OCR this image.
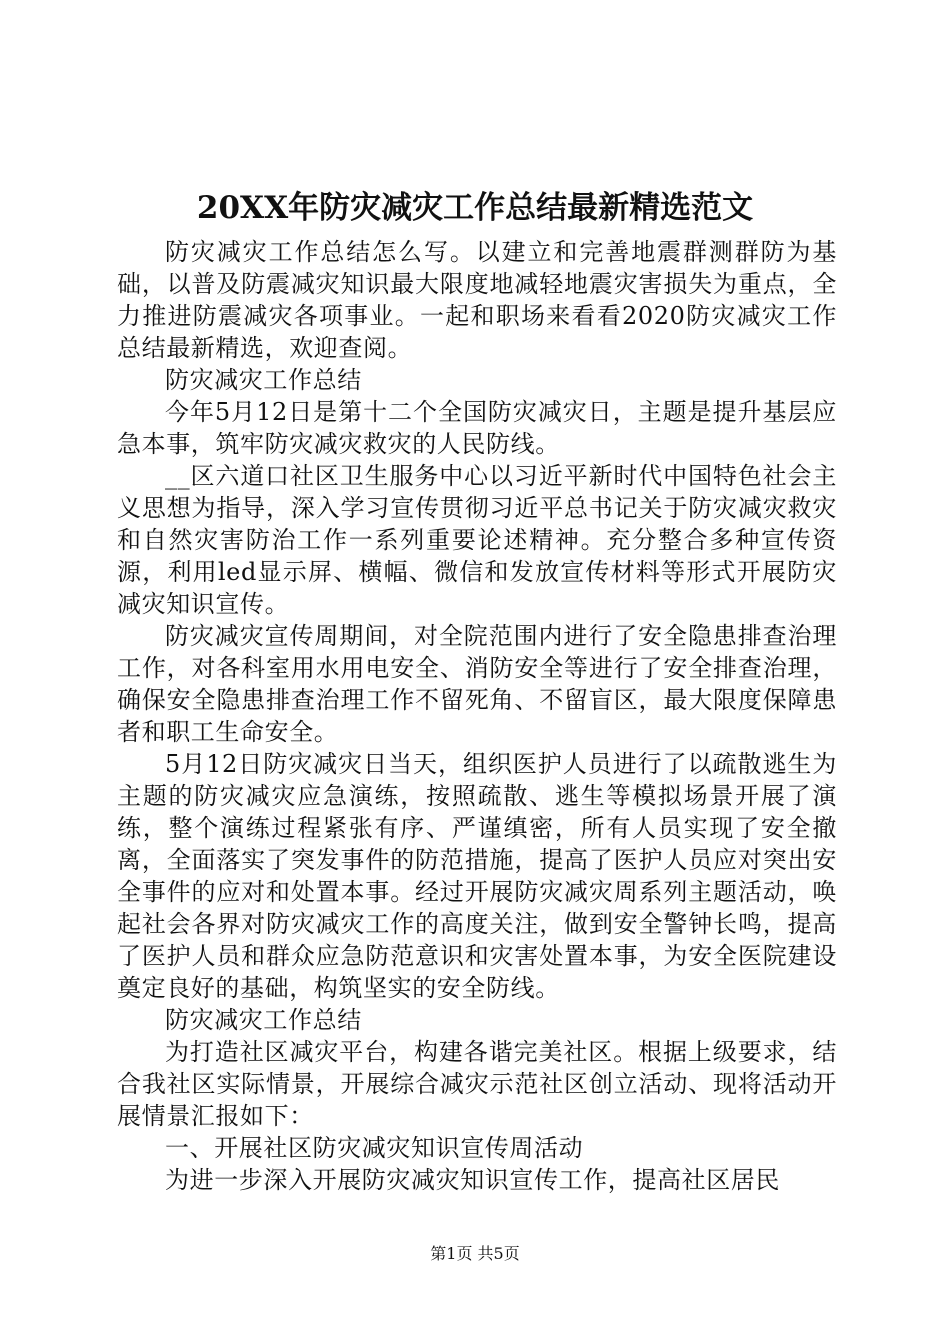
20XX年防灾减灾工作总结最新精选范文

防灾减灾工作总结怎么写。以建立和完善地震群测群防为基础，以普及防震减灾知识最大限度地减轻地震灾害损失为重点，全力推进防震减灾各项事业。一起和职场来看看2020防灾减灾工作总结最新精选，欢迎查阅。

防灾减灾工作总结

今年5月12日是第十二个全国防灾减灾日，主题是提升基层应急本事，筑牢防灾减灾救灾的人民防线。

__区六道口社区卫生服务中心以习近平新时代中国特色社会主义思想为指导，深入学习宣传贯彻习近平总书记关于防灾减灾救灾和自然灾害防治工作一系列重要论述精神。充分整合多种宣传资源，利用led显示屏、横幅、微信和发放宣传材料等形式开展防灾减灾知识宣传。

防灾减灾宣传周期间，对全院范围内进行了安全隐患排查治理工作，对各科室用水用电安全、消防安全等进行了安全排查治理，确保安全隐患排查治理工作不留死角、不留盲区，最大限度保障患者和职工生命安全。

5月12日防灾减灾日当天，组织医护人员进行了以疏散逃生为主题的防灾减灾应急演练，按照疏散、逃生等模拟场景开展了演练，整个演练过程紧张有序、严谨缜密，所有人员实现了安全撤离，全面落实了突发事件的防范措施，提高了医护人员应对突出安全事件的应对和处置本事。经过开展防灾减灾周系列主题活动，唤起社会各界对防灾减灾工作的高度关注，做到安全警钟长鸣，提高了医护人员和群众应急防范意识和灾害处置本事，为安全医院建设奠定良好的基础，构筑坚实的安全防线。

防灾减灾工作总结

为打造社区减灾平台，构建各谐完美社区。根据上级要求，结合我社区实际情景，开展综合减灾示范社区创立活动、现将活动开展情景汇报如下：

一、开展社区防灾减灾知识宣传周活动

为进一步深入开展防灾减灾知识宣传工作，提高社区居民

第1页 共5页
